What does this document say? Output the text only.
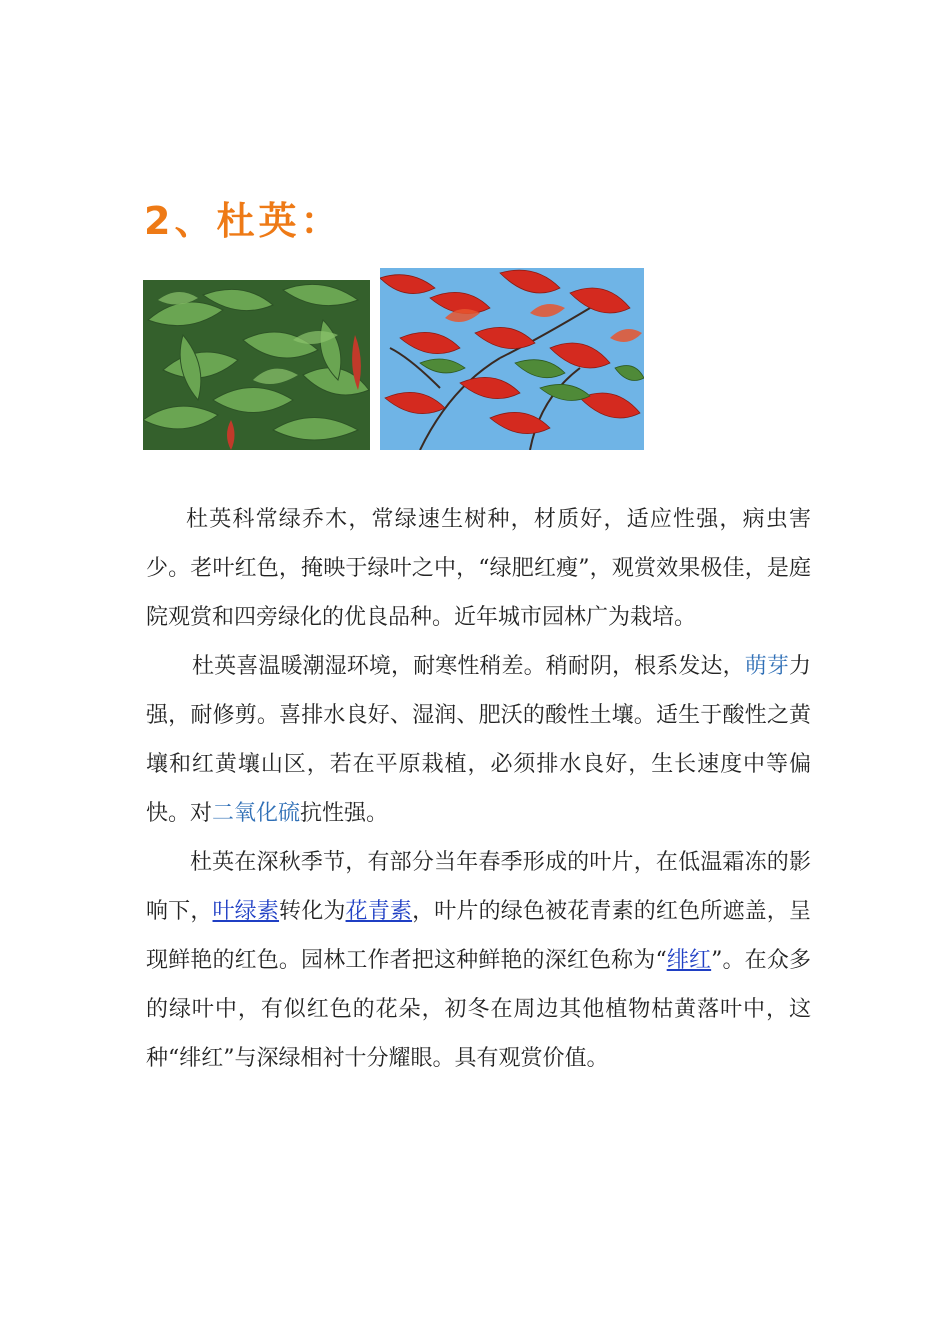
2、杜英：

杜英科常绿乔木，常绿速生树种，材质好，适应性强，病虫害少。老叶红色，掩映于绿叶之中，“绿肥红瘦”，观赏效果极佳，是庭院观赏和四旁绿化的优良品种。近年城市园林广为栽培。

杜英喜温暖潮湿环境，耐寒性稍差。稍耐阴，根系发达，萌芽力强，耐修剪。喜排水良好、湿润、肥沃的酸性土壤。适生于酸性之黄壤和红黄壤山区，若在平原栽植，必须排水良好，生长速度中等偏快。对二氧化硫抗性强。

杜英在深秋季节，有部分当年春季形成的叶片，在低温霜冻的影响下，叶绿素转化为花青素，叶片的绿色被花青素的红色所遮盖，呈现鲜艳的红色。园林工作者把这种鲜艳的深红色称为“绯红”。在众多的绿叶中，有似红色的花朵，初冬在周边其他植物枯黄落叶中，这种“绯红”与深绿相衬十分耀眼。具有观赏价值。
